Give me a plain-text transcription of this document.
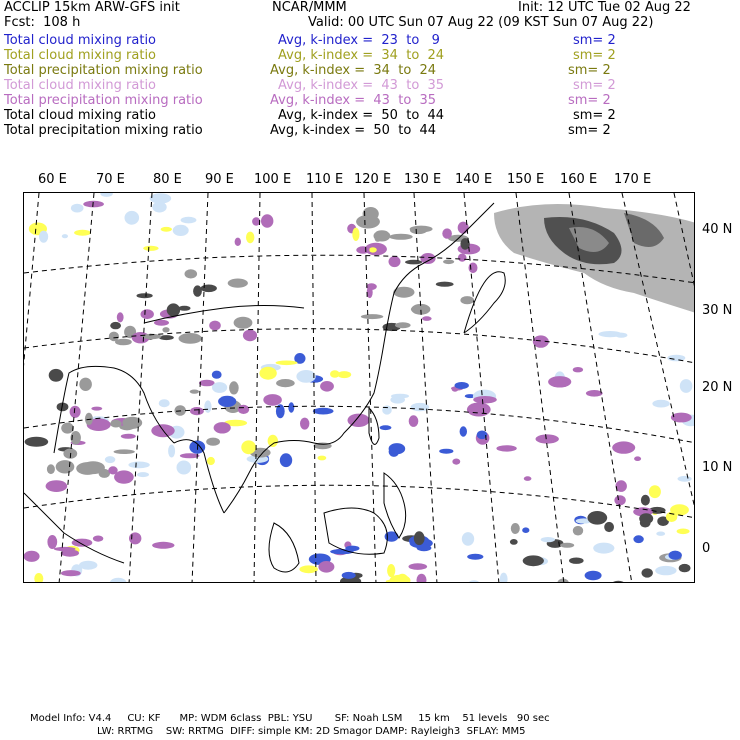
ACCLIP 15km ARW-GFS init	NCAR/MMM	Init: 12 UTC Tue 02 Aug 22
Fcst:  108 h	Valid: 00 UTC Sun 07 Aug 22 (09 KST Sun 07 Aug 22)
Total cloud mixing ratio	Avg, k-index =  23  to   9	sm= 2
Total cloud mixing ratio	Avg, k-index =  34  to  24	sm= 2
Total precipitation mixing ratio	Avg, k-index =  34  to  24	sm= 2
Total cloud mixing ratio	Avg, k-index =  43  to  35	sm= 2
Total precipitation mixing ratio	Avg, k-index =  43  to  35	sm= 2
Total cloud mixing ratio	Avg, k-index =  50  to  44	sm= 2
Total precipitation mixing ratio	Avg, k-index =  50  to  44	sm= 2
60 E 70 E 80 E 90 E 100 E 110 E 120 E 130 E 140 E 150 E 160 E 170 E
40 N
30 N
20 N
10 N
0
Model Info: V4.4     CU: KF      MP: WDM 6class  PBL: YSU       SF: Noah LSM     15 km    51 levels   90 sec
LW: RRTMG    SW: RRTMG  DIFF: simple KM: 2D Smagor DAMP: Rayleigh3  SFLAY: MM5
